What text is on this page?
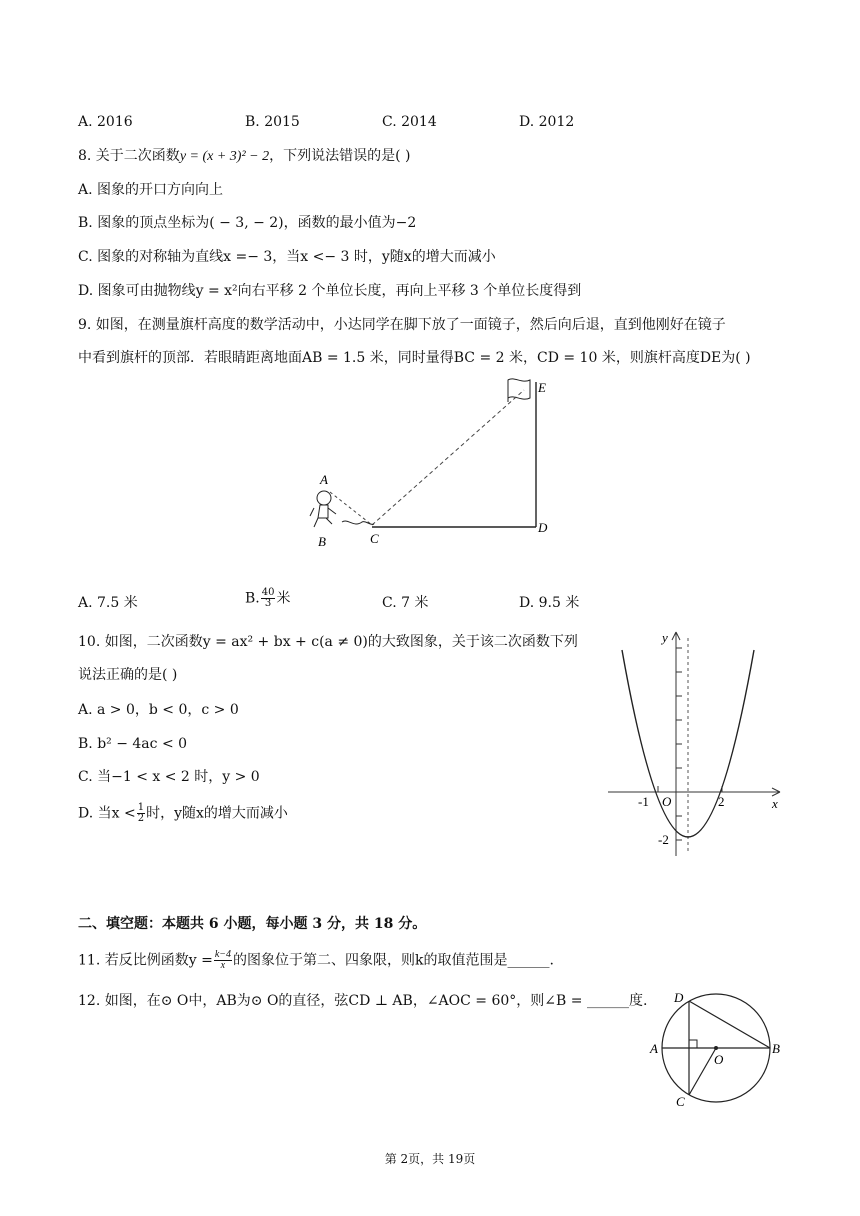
A. 2016	B. 2015	C. 2014	D. 2012
8. 关于二次函数y = (x + 3)² − 2，下列说法错误的是( )
A. 图象的开口方向向上
B. 图象的顶点坐标为( − 3, − 2)，函数的最小值为−2
C. 图象的对称轴为直线x =− 3，当x <− 3 时，y随x的增大而减小
D. 图象可由抛物线y = x²向右平移 2 个单位长度，再向上平移 3 个单位长度得到
9. 如图，在测量旗杆高度的数学活动中，小达同学在脚下放了一面镜子，然后向后退，直到他刚好在镜子
中看到旗杆的顶部．若眼睛距离地面AB = 1.5 米，同时量得BC = 2 米，CD = 10 米，则旗杆高度DE为( )
A
B	C
D
E
A. 7.5 米	B. $\frac{40}{3}$ 米	C. 7 米	D. 9.5 米
10. 如图，二次函数y = ax² + bx + c(a ≠ 0)的大致图象，关于该二次函数下列
说法正确的是( )
A. a > 0，b < 0，c > 0
B. b² − 4ac < 0
C. 当−1 < x < 2 时，y > 0
D. 当$x < \frac{1}{2}$ 时，y随x的增大而减小
y
x
O
-1	2
-2
二、填空题：本题共 6 小题，每小题 3 分，共 18 分。
11. 若反比例函数$y = \frac{k-4}{x}$ 的图象位于第二、四象限，则k的取值范围是______.
12. 如图，在⊙ O中，AB为⊙ O的直径，弦CD ⊥ AB，∠AOC = 60°，则∠B = ______度. D
A
O
B
C
第 2页，共 19页
